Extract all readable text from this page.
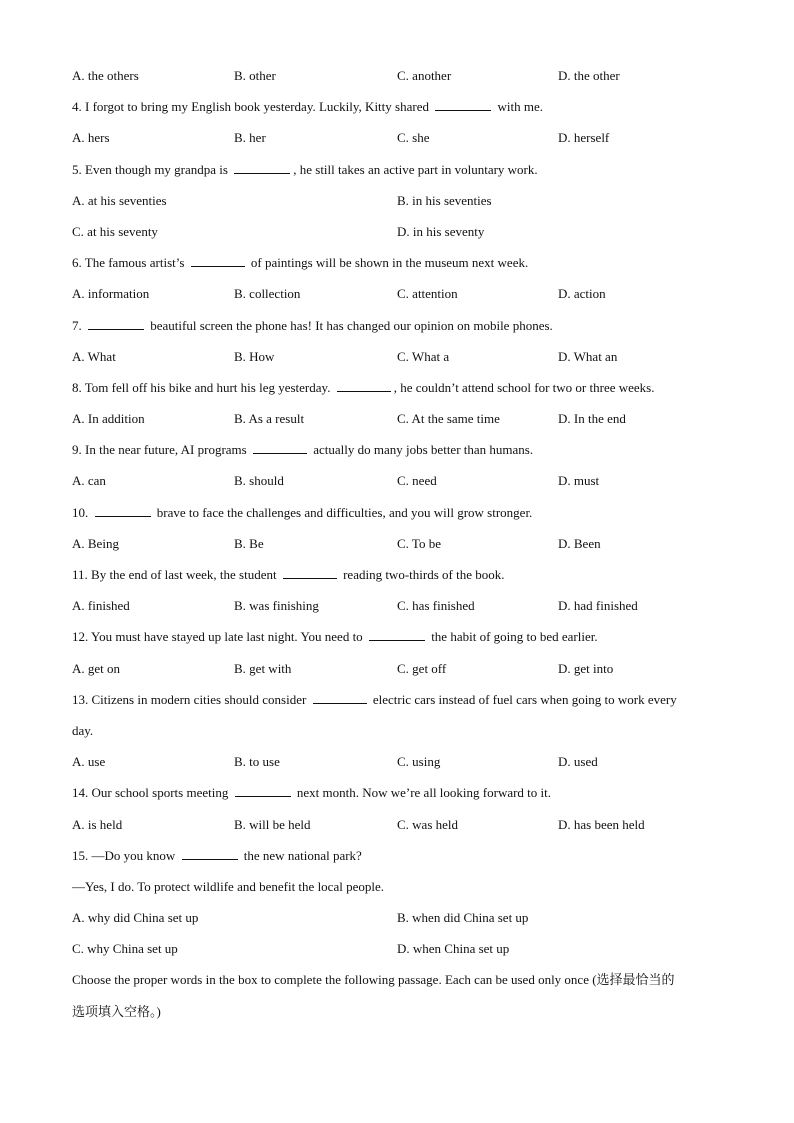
A. the others	B. other	C. another	D. the other
4. I forgot to bring my English book yesterday. Luckily, Kitty shared	with me.
A. hers	B. her	C. she	D. herself
5. Even though my grandpa is	, he still takes an active part in voluntary work.
A. at his seventies	B. in his seventies
C. at his seventy	D. in his seventy
6. The famous artist’s	of paintings will be shown in the museum next week.
A. information	B. collection	C. attention	D. action
7.	beautiful screen the phone has! It has changed our opinion on mobile phones.
A. What	B. How	C. What a	D. What an
8. Tom fell off his bike and hurt his leg yesterday.	, he couldn’t attend school for two or three weeks.
A. In addition	B. As a result	C. At the same time	D. In the end
9. In the near future, AI programs	actually do many jobs better than humans.
A. can	B. should	C. need	D. must
10.	brave to face the challenges and difficulties, and you will grow stronger.
A. Being	B. Be	C. To be	D. Been
11. By the end of last week, the student	reading two-thirds of the book.
A. finished	B. was finishing	C. has finished	D. had finished
12. You must have stayed up late last night. You need to	the habit of going to bed earlier.
A. get on	B. get with	C. get off	D. get into
13. Citizens in modern cities should consider	electric cars instead of fuel cars when going to work every
day.
A. use	B. to use	C. using	D. used
14. Our school sports meeting	next month. Now we’re all looking forward to it.
A. is held	B. will be held	C. was held	D. has been held
15. —Do you know	the new national park?
—Yes, I do. To protect wildlife and benefit the local people.
A. why did China set up	B. when did China set up
C. why China set up	D. when China set up
Choose the proper words in the box to complete the following passage. Each can be used only once (选择最恰当的
选项填入空格。)
